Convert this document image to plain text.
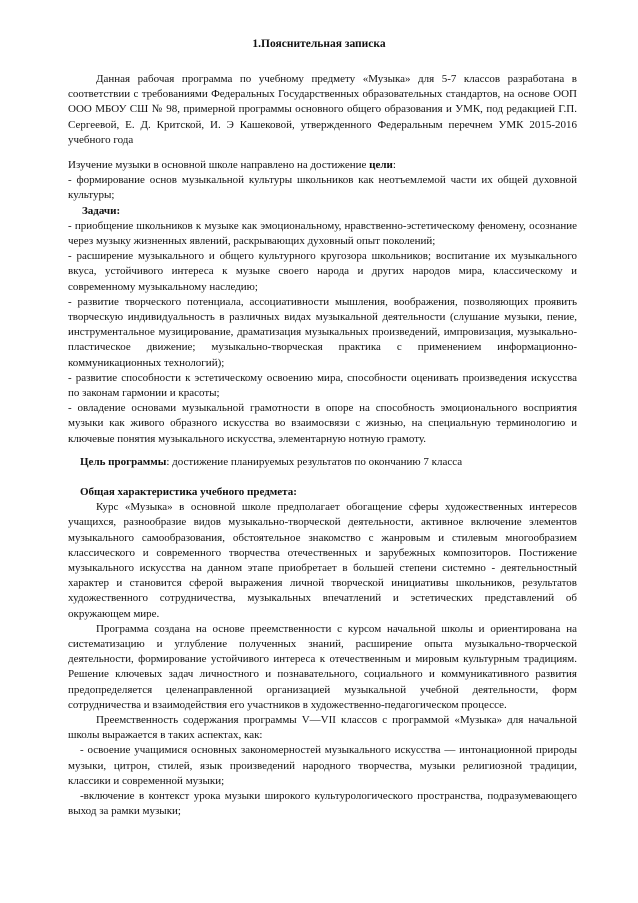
1.Пояснительная записка

Данная рабочая программа по учебному предмету «Музыка» для 5-7 классов разработана в соответствии с требованиями Федеральных Государственных образовательных стандартов, на основе ООП ООО МБОУ СШ № 98, примерной программы основного общего образования и УМК, под редакцией Г.П. Сергеевой, Е. Д. Критской, И. Э Кашековой, утвержденного Федеральным перечнем УМК 2015-2016 учебного года

Изучение музыки в основной школе направлено на достижение цели:

- формирование основ музыкальной культуры школьников как неотъемлемой части их общей духовной культуры;

Задачи:

- приобщение школьников к музыке как эмоциональному, нравственно-эстетическому феномену, осознание через музыку жизненных явлений, раскрывающих духовный опыт поколений;

- расширение музыкального и общего культурного кругозора школьников; воспитание их музыкального вкуса, устойчивого интереса к музыке своего народа и других народов мира, классическому и современному музыкальному наследию;

- развитие творческого потенциала, ассоциативности мышления, воображения, позволяющих проявить творческую индивидуальность в различных видах музыкальной деятельности (слушание музыки, пение, инструментальное музицирование, драматизация музыкальных произведений, импровизация, музыкально-пластическое движение; музыкально-творческая практика с применением информационно-коммуникационных технологий);

- развитие способности к эстетическому освоению мира, способности оценивать произведения искусства по законам гармонии и красоты;

- овладение основами музыкальной грамотности в опоре на способность эмоционального восприятия музыки как живого образного искусства во взаимосвязи с жизнью, на специальную терминологию и ключевые понятия музыкального искусства, элементарную нотную грамоту.

Цель программы: достижение планируемых результатов по окончанию 7 класса

Общая характеристика учебного предмета:

Курс «Музыка» в основной школе предполагает обогащение сферы художественных интересов учащихся, разнообразие видов музыкально-творческой деятельности, активное включение элементов музыкального самообразования, обстоятельное знакомство с жанровым и стилевым многообразием классического и современного творчества отечественных и зарубежных композиторов. Постижение музыкального искусства на данном этапе приобретает в большей степени системно - деятельностный характер и становится сферой выражения личной творческой инициативы школьников, результатов художественного сотрудничества, музыкальных впечатлений и эстетических представлений об окружающем мире.

Программа создана на основе преемственности с курсом начальной школы и ориентирована на систематизацию и углубление полученных знаний, расширение опыта музыкально-творческой деятельности, формирование устойчивого интереса к отечественным и мировым культурным традициям. Решение ключевых задач личностного и познавательного, социального и коммуникативного развития предопределяется целенаправленной организацией музыкальной учебной деятельности, форм сотрудничества и взаимодействия его участников в художественно-педагогическом процессе.

Преемственность содержания программы V—VII классов с программой «Музыка» для начальной школы выражается в таких аспектах, как:

- освоение учащимися основных закономерностей музыкального искусства — интонационной природы музыки, цитрон, стилей, язык произведений народного творчества, музыки религиозной традиции, классики и современной музыки;

-включение в контекст урока музыки широкого культурологического пространства, подразумевающего выход за рамки музыки;
